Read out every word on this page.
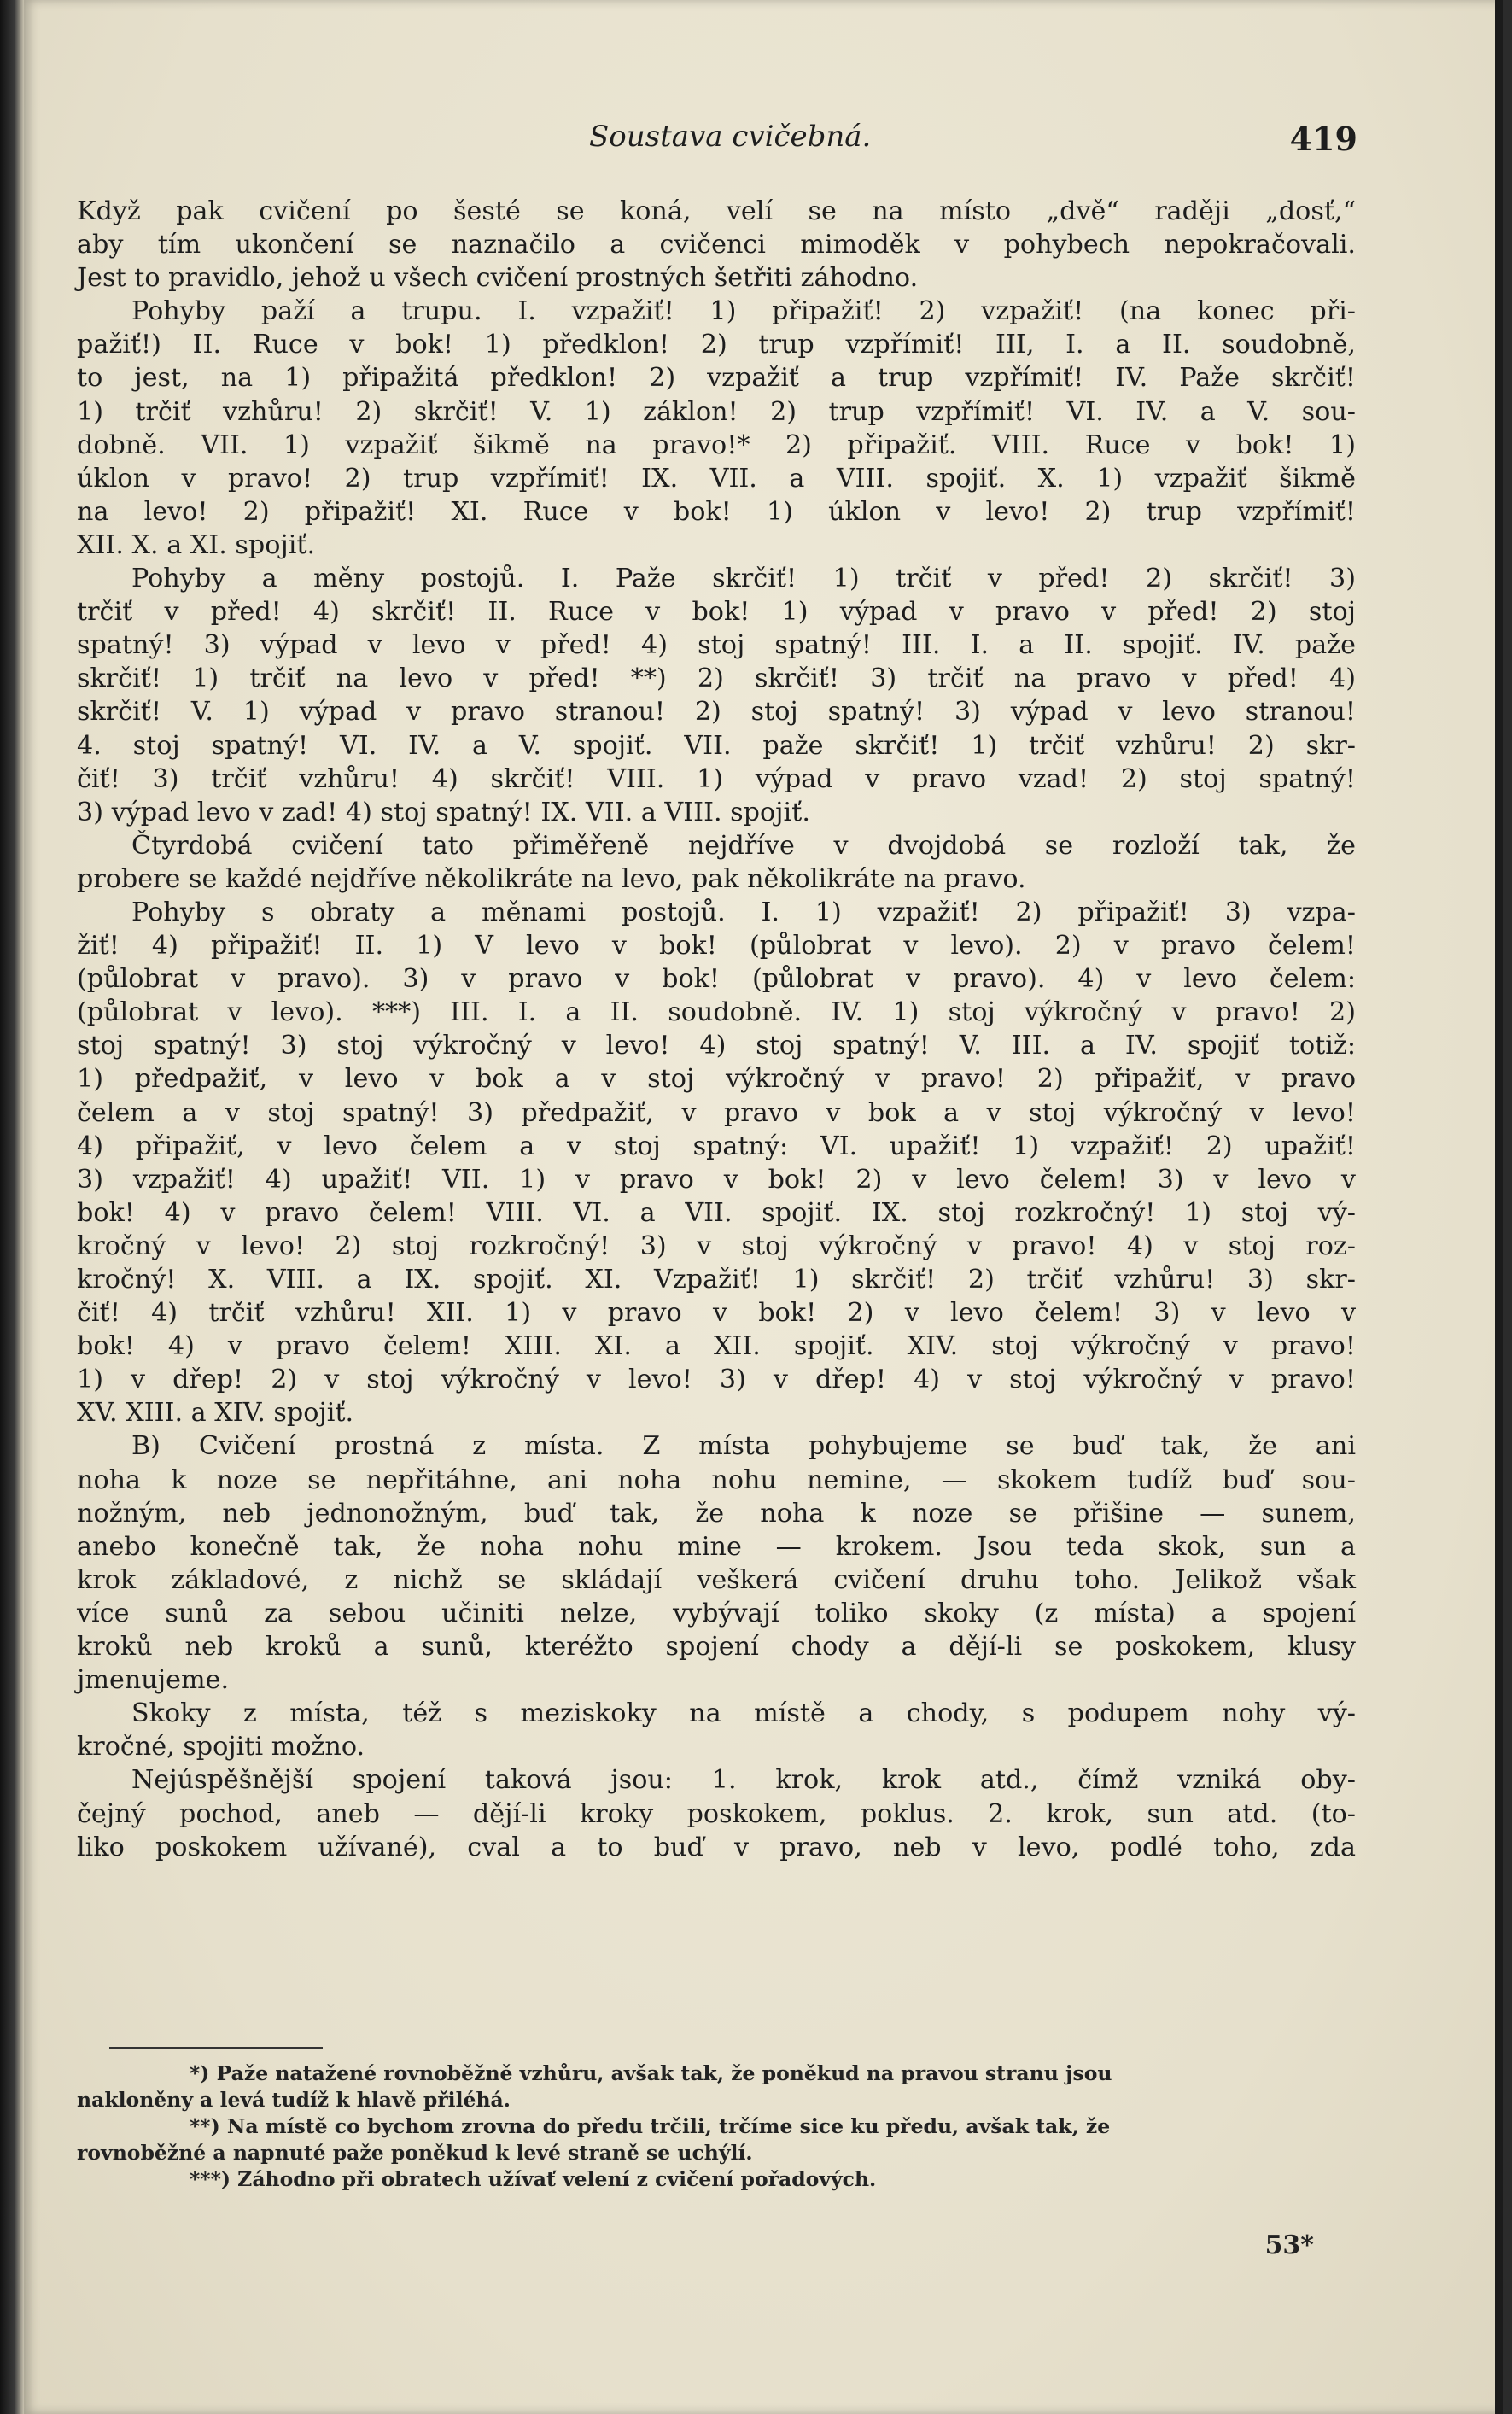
Soustava cvičebná.	419
Když pak cvičení po šesté se koná, velí se na místo „dvě“ raději „dosť,“
aby tím ukončení se naznačilo a cvičenci mimoděk v pohybech nepokračovali.
Jest to pravidlo, jehož u všech cvičení prostných šetřiti záhodno.
Pohyby paží a trupu. I. vzpažiť! 1) připažiť! 2) vzpažiť! (na konec při-
pažiť!) II. Ruce v bok! 1) předklon! 2) trup vzpřímiť! III, I. a II. soudobně,
to jest, na 1) připažitá předklon! 2) vzpažiť a trup vzpřímiť! IV. Paže skrčiť!
1) trčiť vzhůru! 2) skrčiť! V. 1) záklon! 2) trup vzpřímiť! VI. IV. a V. sou-
dobně. VII. 1) vzpažiť šikmě na pravo!* 2) připažiť. VIII. Ruce v bok! 1)
úklon v pravo! 2) trup vzpřímiť! IX. VII. a VIII. spojiť. X. 1) vzpažiť šikmě
na levo! 2) připažiť! XI. Ruce v bok! 1) úklon v levo! 2) trup vzpřímiť!
XII. X. a XI. spojiť.
Pohyby a měny postojů. I. Paže skrčiť! 1) trčiť v před! 2) skrčiť! 3)
trčiť v před! 4) skrčiť! II. Ruce v bok! 1) výpad v pravo v před! 2) stoj
spatný! 3) výpad v levo v před! 4) stoj spatný! III. I. a II. spojiť. IV. paže
skrčiť! 1) trčiť na levo v před! **) 2) skrčiť! 3) trčiť na pravo v před! 4)
skrčiť! V. 1) výpad v pravo stranou! 2) stoj spatný! 3) výpad v levo stranou!
4. stoj spatný! VI. IV. a V. spojiť. VII. paže skrčiť! 1) trčiť vzhůru! 2) skr-
čiť! 3) trčiť vzhůru! 4) skrčiť! VIII. 1) výpad v pravo vzad! 2) stoj spatný!
3) výpad levo v zad! 4) stoj spatný! IX. VII. a VIII. spojiť.
Čtyrdobá cvičení tato přiměřeně nejdříve v dvojdobá se rozloží tak, že
probere se každé nejdříve několikráte na levo, pak několikráte na pravo.
Pohyby s obraty a měnami postojů. I. 1) vzpažiť! 2) připažiť! 3) vzpa-
žiť! 4) připažiť! II. 1) V levo v bok! (půlobrat v levo). 2) v pravo čelem!
(půlobrat v pravo). 3) v pravo v bok! (půlobrat v pravo). 4) v levo čelem:
(půlobrat v levo). ***) III. I. a II. soudobně. IV. 1) stoj výkročný v pravo! 2)
stoj spatný! 3) stoj výkročný v levo! 4) stoj spatný! V. III. a IV. spojiť totiž:
1) předpažiť, v levo v bok a v stoj výkročný v pravo! 2) připažiť, v pravo
čelem a v stoj spatný! 3) předpažiť, v pravo v bok a v stoj výkročný v levo!
4) připažiť, v levo čelem a v stoj spatný: VI. upažiť! 1) vzpažiť! 2) upažiť!
3) vzpažiť! 4) upažiť! VII. 1) v pravo v bok! 2) v levo čelem! 3) v levo v
bok! 4) v pravo čelem! VIII. VI. a VII. spojiť. IX. stoj rozkročný! 1) stoj vý-
kročný v levo! 2) stoj rozkročný! 3) v stoj výkročný v pravo! 4) v stoj roz-
kročný! X. VIII. a IX. spojiť. XI. Vzpažiť! 1) skrčiť! 2) trčiť vzhůru! 3) skr-
čiť! 4) trčiť vzhůru! XII. 1) v pravo v bok! 2) v levo čelem! 3) v levo v
bok! 4) v pravo čelem! XIII. XI. a XII. spojiť. XIV. stoj výkročný v pravo!
1) v dřep! 2) v stoj výkročný v levo! 3) v dřep! 4) v stoj výkročný v pravo!
XV. XIII. a XIV. spojiť.
B) Cvičení prostná z místa. Z místa pohybujeme se buď tak, že ani
noha k noze se nepřitáhne, ani noha nohu nemine, — skokem tudíž buď sou-
nožným, neb jednonožným, buď tak, že noha k noze se přišine — sunem,
anebo konečně tak, že noha nohu mine — krokem. Jsou teda skok, sun a
krok základové, z nichž se skládají veškerá cvičení druhu toho. Jelikož však
více sunů za sebou učiniti nelze, vybývají toliko skoky (z místa) a spojení
kroků neb kroků a sunů, kteréžto spojení chody a dějí-li se poskokem, klusy
jmenujeme.
Skoky z místa, též s meziskoky na místě a chody, s podupem nohy vý-
kročné, spojiti možno.
Nejúspěšnější spojení taková jsou: 1. krok, krok atd., čímž vzniká oby-
čejný pochod, aneb — dějí-li kroky poskokem, poklus. 2. krok, sun atd. (to-
liko poskokem užívané), cval a to buď v pravo, neb v levo, podlé toho, zda
*) Paže natažené rovnoběžně vzhůru, avšak tak, že poněkud na pravou stranu jsou
nakloněny a levá tudíž k hlavě přiléhá.
**) Na místě co bychom zrovna do předu trčili, trčíme sice ku předu, avšak tak, že
rovnoběžné a napnuté paže poněkud k levé straně se uchýlí.
***) Záhodno při obratech užívať velení z cvičení pořadových.
53*
